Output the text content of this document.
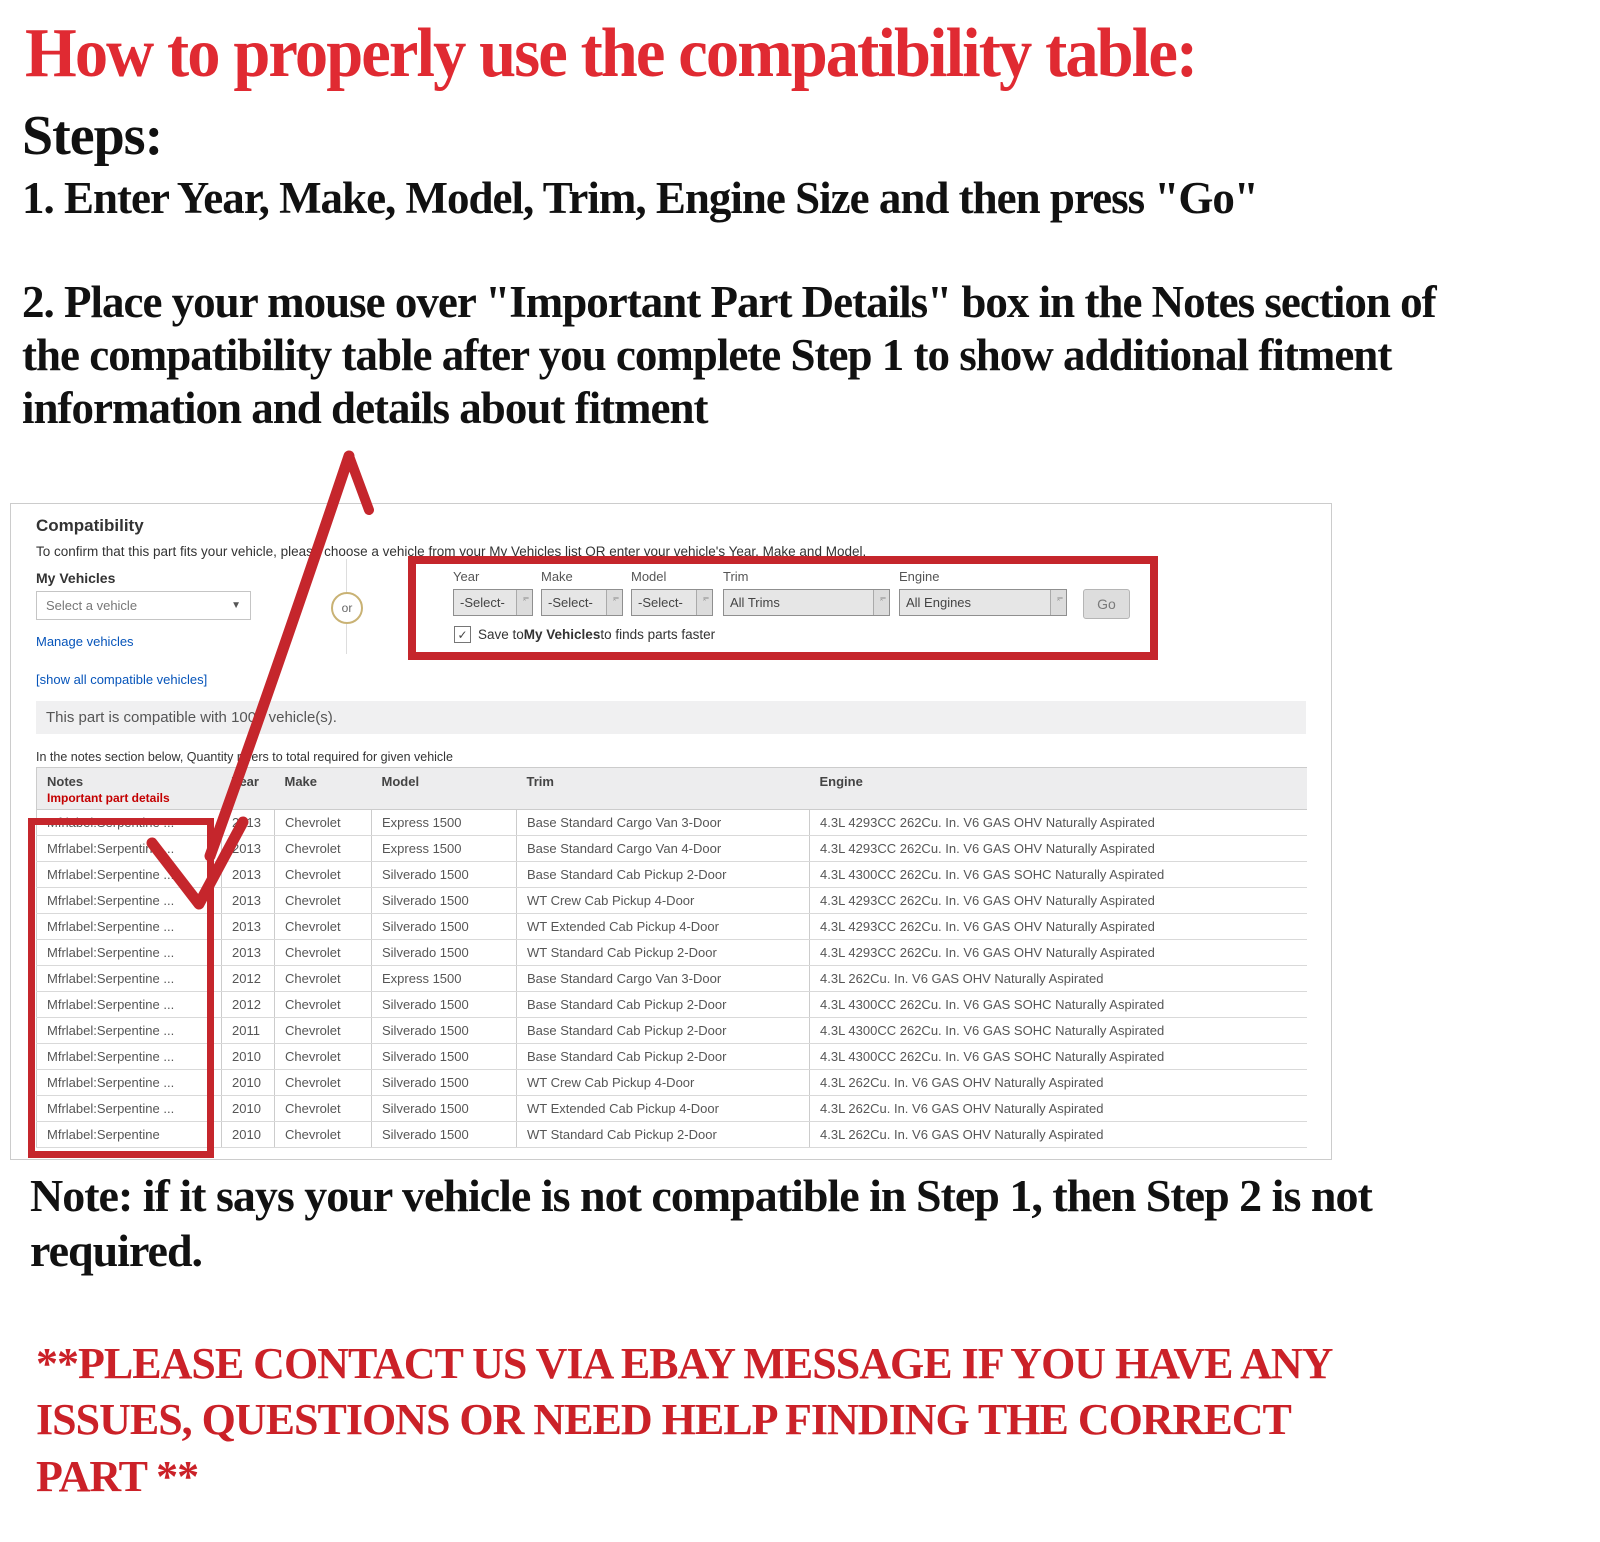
How to properly use the compatibility table:
Steps:
1. Enter Year, Make, Model, Trim, Engine Size and then press "Go"
2. Place your mouse over "Important Part Details" box in the Notes section of the compatibility table after you complete Step 1 to show additional fitment information and details about fitment
Compatibility
To confirm that this part fits your vehicle, please choose a vehicle from your My Vehicles list OR enter your vehicle's Year, Make and Model.
My Vehicles
Select a vehicle	▼
Manage vehicles
[show all compatible vehicles]
or
Year
-Select-	ˆ̿
Make
-Select-	ˆ̿
Model
-Select-	ˆ̿
Trim
All Trims	ˆ̿
Engine
All Engines	ˆ̿	Go
✓
Save to My Vehicles to finds parts faster
This part is compatible with 1000 vehicle(s).
In the notes section below, Quantity refers to total required for given vehicle
Notes
Important part details	Year	Make	Model	Trim	Engine

Mfrlabel:Serpentine ...	2013	Chevrolet	Express 1500	Base Standard Cargo Van 3-Door	4.3L 4293CC 262Cu. In. V6 GAS OHV Naturally Aspirated
Mfrlabel:Serpentine ...	2013	Chevrolet	Express 1500	Base Standard Cargo Van 4-Door	4.3L 4293CC 262Cu. In. V6 GAS OHV Naturally Aspirated
Mfrlabel:Serpentine ...	2013	Chevrolet	Silverado 1500	Base Standard Cab Pickup 2-Door	4.3L 4300CC 262Cu. In. V6 GAS SOHC Naturally Aspirated
Mfrlabel:Serpentine ...	2013	Chevrolet	Silverado 1500	WT Crew Cab Pickup 4-Door	4.3L 4293CC 262Cu. In. V6 GAS OHV Naturally Aspirated
Mfrlabel:Serpentine ...	2013	Chevrolet	Silverado 1500	WT Extended Cab Pickup 4-Door	4.3L 4293CC 262Cu. In. V6 GAS OHV Naturally Aspirated
Mfrlabel:Serpentine ...	2013	Chevrolet	Silverado 1500	WT Standard Cab Pickup 2-Door	4.3L 4293CC 262Cu. In. V6 GAS OHV Naturally Aspirated
Mfrlabel:Serpentine ...	2012	Chevrolet	Express 1500	Base Standard Cargo Van 3-Door	4.3L 262Cu. In. V6 GAS OHV Naturally Aspirated
Mfrlabel:Serpentine ...	2012	Chevrolet	Silverado 1500	Base Standard Cab Pickup 2-Door	4.3L 4300CC 262Cu. In. V6 GAS SOHC Naturally Aspirated
Mfrlabel:Serpentine ...	2011	Chevrolet	Silverado 1500	Base Standard Cab Pickup 2-Door	4.3L 4300CC 262Cu. In. V6 GAS SOHC Naturally Aspirated
Mfrlabel:Serpentine ...	2010	Chevrolet	Silverado 1500	Base Standard Cab Pickup 2-Door	4.3L 4300CC 262Cu. In. V6 GAS SOHC Naturally Aspirated
Mfrlabel:Serpentine ...	2010	Chevrolet	Silverado 1500	WT Crew Cab Pickup 4-Door	4.3L 262Cu. In. V6 GAS OHV Naturally Aspirated
Mfrlabel:Serpentine ...	2010	Chevrolet	Silverado 1500	WT Extended Cab Pickup 4-Door	4.3L 262Cu. In. V6 GAS OHV Naturally Aspirated
Mfrlabel:Serpentine	2010	Chevrolet	Silverado 1500	WT Standard Cab Pickup 2-Door	4.3L 262Cu. In. V6 GAS OHV Naturally Aspirated
Note: if it says your vehicle is not compatible in Step 1, then Step 2 is not required.
**PLEASE CONTACT US VIA EBAY MESSAGE IF YOU HAVE ANY ISSUES, QUESTIONS OR NEED HELP FINDING THE CORRECT PART **
